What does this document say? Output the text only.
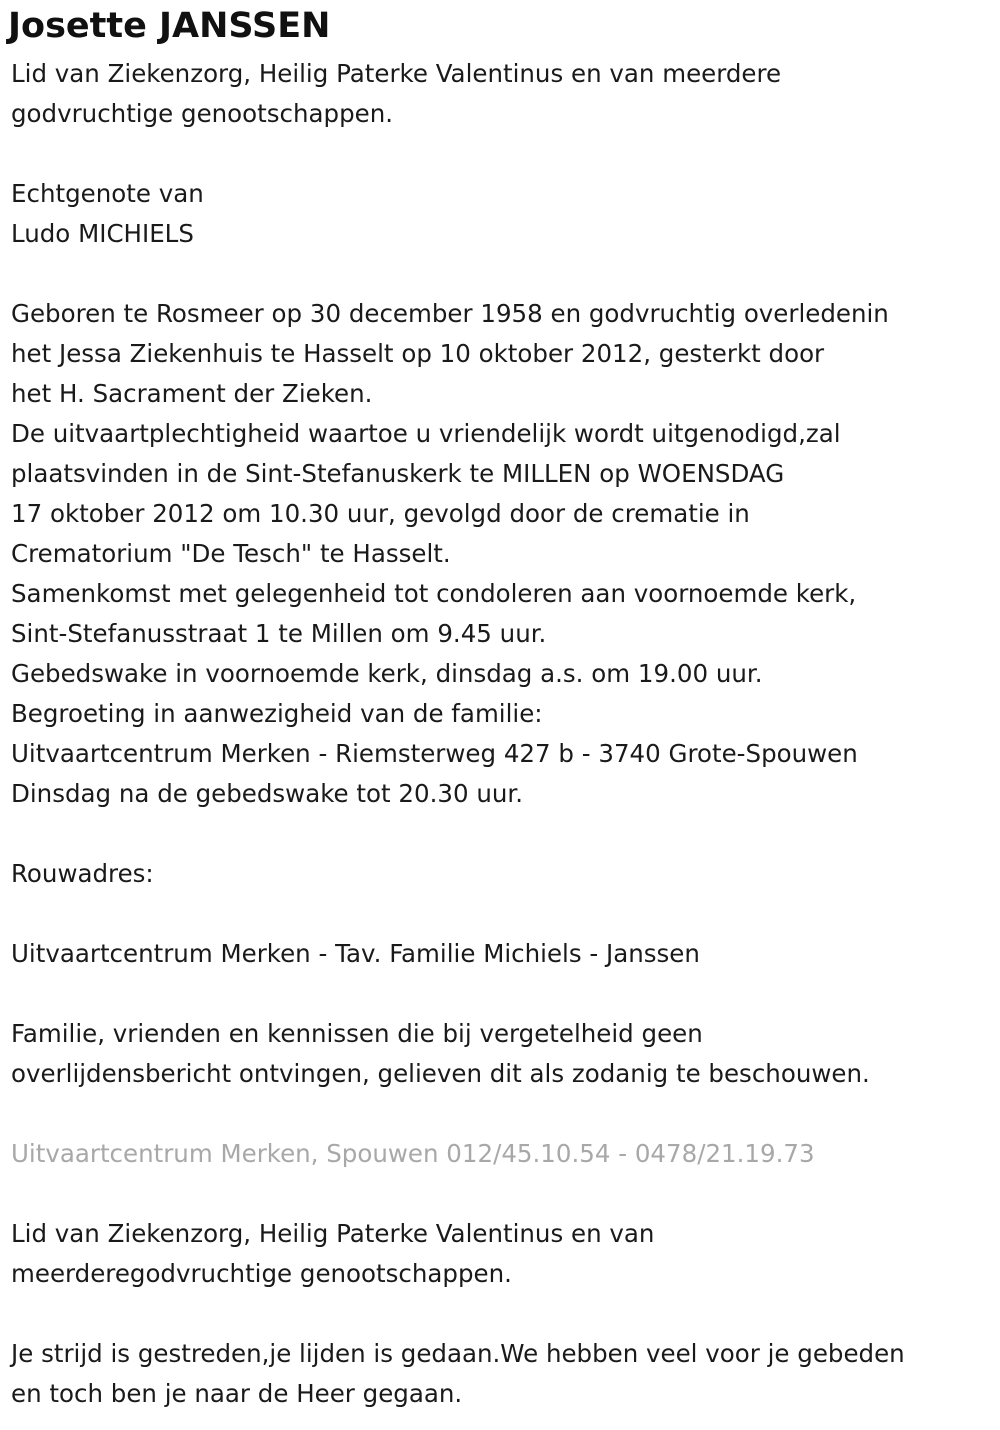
Josette JANSSEN
Lid van Ziekenzorg, Heilig Paterke Valentinus en van meerdere
godvruchtige genootschappen.
Echtgenote van
Ludo MICHIELS
Geboren te Rosmeer op 30 december 1958 en godvruchtig overledenin
het Jessa Ziekenhuis te Hasselt op 10 oktober 2012, gesterkt door
het H. Sacrament der Zieken.
De uitvaartplechtigheid waartoe u vriendelijk wordt uitgenodigd,zal
plaatsvinden in de Sint-Stefanuskerk te MILLEN op WOENSDAG
17 oktober 2012 om 10.30 uur, gevolgd door de crematie in
Crematorium "De Tesch" te Hasselt.
Samenkomst met gelegenheid tot condoleren aan voornoemde kerk,
Sint-Stefanusstraat 1 te Millen om 9.45 uur.
Gebedswake in voornoemde kerk, dinsdag a.s. om 19.00 uur.
Begroeting in aanwezigheid van de familie:
Uitvaartcentrum Merken - Riemsterweg 427 b - 3740 Grote-Spouwen
Dinsdag na de gebedswake tot 20.30 uur.
Rouwadres:
Uitvaartcentrum Merken - Tav. Familie Michiels - Janssen
Familie, vrienden en kennissen die bij vergetelheid geen
overlijdensbericht ontvingen, gelieven dit als zodanig te beschouwen.
Uitvaartcentrum Merken, Spouwen 012/45.10.54 - 0478/21.19.73
Lid van Ziekenzorg, Heilig Paterke Valentinus en van
meerderegodvruchtige genootschappen.
Je strijd is gestreden,je lijden is gedaan.We hebben veel voor je gebeden
en toch ben je naar de Heer gegaan.
